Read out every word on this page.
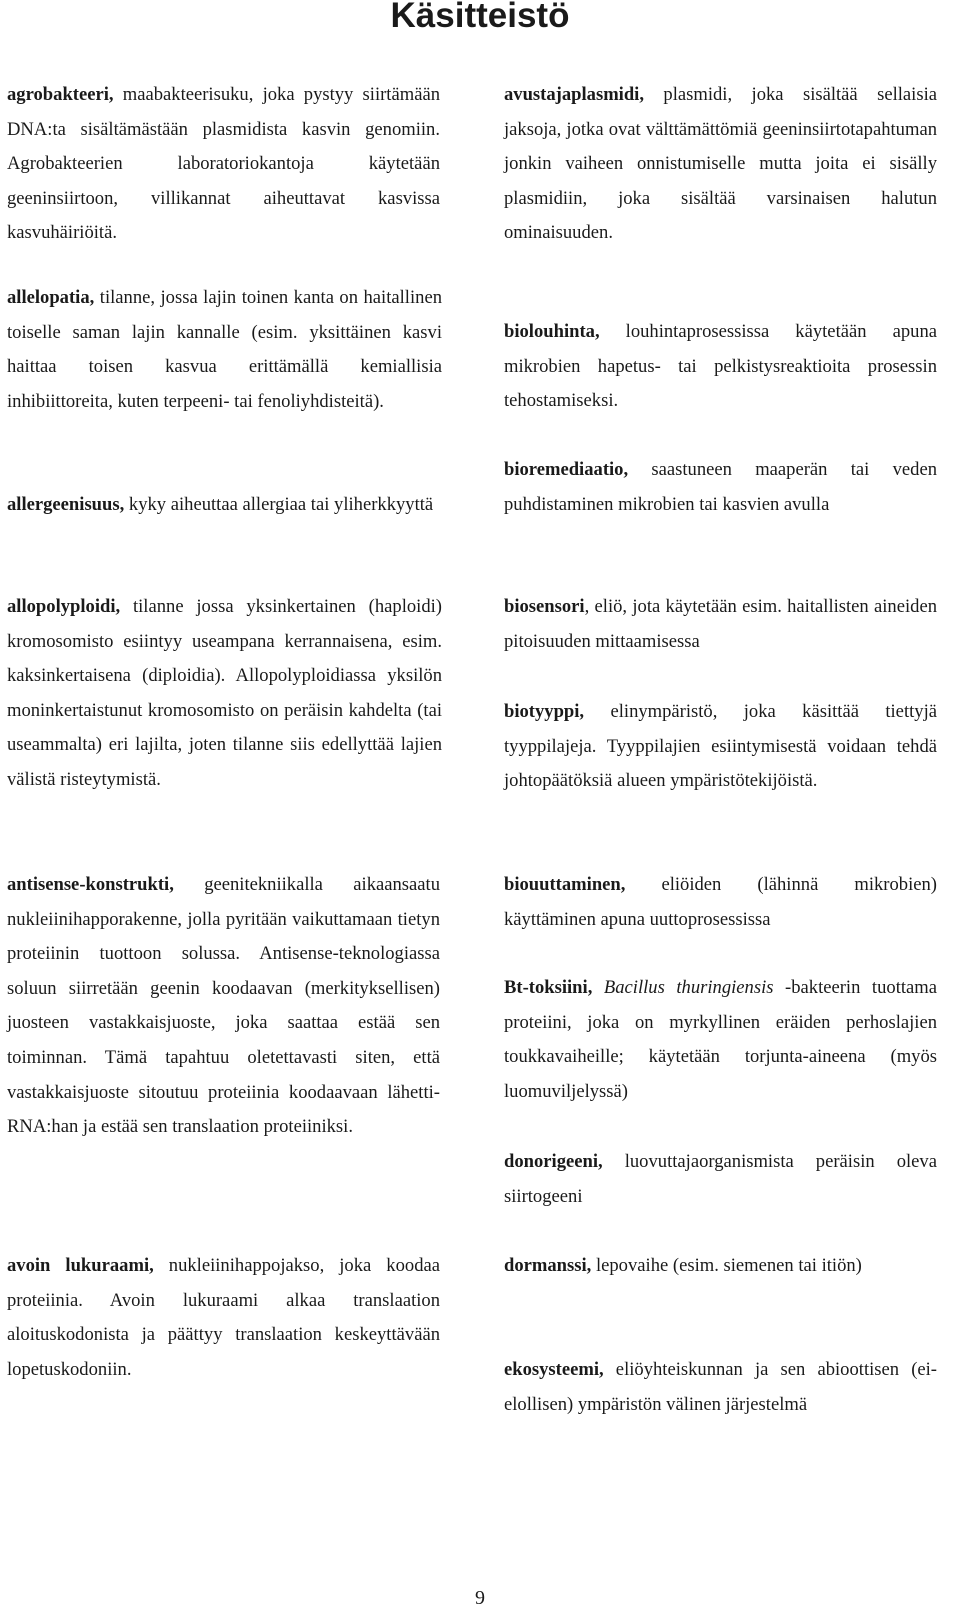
Käsitteistö

agrobakteeri, maabakteerisuku, joka pystyy siirtämään DNA:ta sisältämästään plasmidista kasvin genomiin. Agrobakteerien laboratoriokantoja käytetään geeninsiirtoon, villikannat aiheuttavat kasvissa kasvuhäiriöitä.

allelopatia, tilanne, jossa lajin toinen kanta on haitallinen toiselle saman lajin kannalle (esim. yksittäinen kasvi haittaa toisen kasvua erittämällä kemiallisia inhibiittoreita, kuten terpeeni- tai fenoliyhdisteitä).

allergeenisuus, kyky aiheuttaa allergiaa tai yliherkkyyttä

allopolyploidi, tilanne jossa yksinkertainen (haploidi) kromosomisto esiintyy useampana kerrannaisena, esim. kaksinkertaisena (diploidia). Allopolyploidiassa yksilön moninkertaistunut kromosomisto on peräisin kahdelta (tai useammalta) eri lajilta, joten tilanne siis edellyttää lajien välistä risteytymistä.

antisense-konstrukti, geenitekniikalla aikaansaatu nukleiinihapporakenne, jolla pyritään vaikuttamaan tietyn proteiinin tuottoon solussa. Antisense-teknologiassa soluun siirretään geenin koodaavan (merkityksellisen) juosteen vastakkaisjuoste, joka saattaa estää sen toiminnan. Tämä tapahtuu oletettavasti siten, että vastakkaisjuoste sitoutuu proteiinia koodaavaan lähetti-RNA:han ja estää sen translaation proteiiniksi.

avoin lukuraami, nukleiinihappojakso, joka koodaa proteiinia. Avoin lukuraami alkaa translaation aloituskodonista ja päättyy translaation keskeyttävään lopetuskodoniin.

avustajaplasmidi, plasmidi, joka sisältää sellaisia jaksoja, jotka ovat välttämättömiä geeninsiirtotapahtuman jonkin vaiheen onnistumiselle mutta joita ei sisälly plasmidiin, joka sisältää varsinaisen halutun ominaisuuden.

biolouhinta, louhintaprosessissa käytetään apuna mikrobien hapetus- tai pelkistysreaktioita prosessin tehostamiseksi.

bioremediaatio, saastuneen maaperän tai veden puhdistaminen mikrobien tai kasvien avulla

biosensori, eliö, jota käytetään esim. haitallisten aineiden pitoisuuden mittaamisessa

biotyyppi, elinympäristö, joka käsittää tiettyjä tyyppilajeja. Tyyppilajien esiintymisestä voidaan tehdä johtopäätöksiä alueen ympäristötekijöistä.

biouuttaminen, eliöiden (lähinnä mikrobien) käyttäminen apuna uuttoprosessissa

Bt-toksiini, Bacillus thuringiensis -bakteerin tuottama proteiini, joka on myrkyllinen eräiden perhoslajien toukkavaiheille; käytetään torjunta-aineena (myös luomuviljelyssä)

donorigeeni, luovuttajaorganismista peräisin oleva siirtogeeni

dormanssi, lepovaihe (esim. siemenen tai itiön)

ekosysteemi, eliöyhteiskunnan ja sen abioottisen (ei-elollisen) ympäristön välinen järjestelmä

9
